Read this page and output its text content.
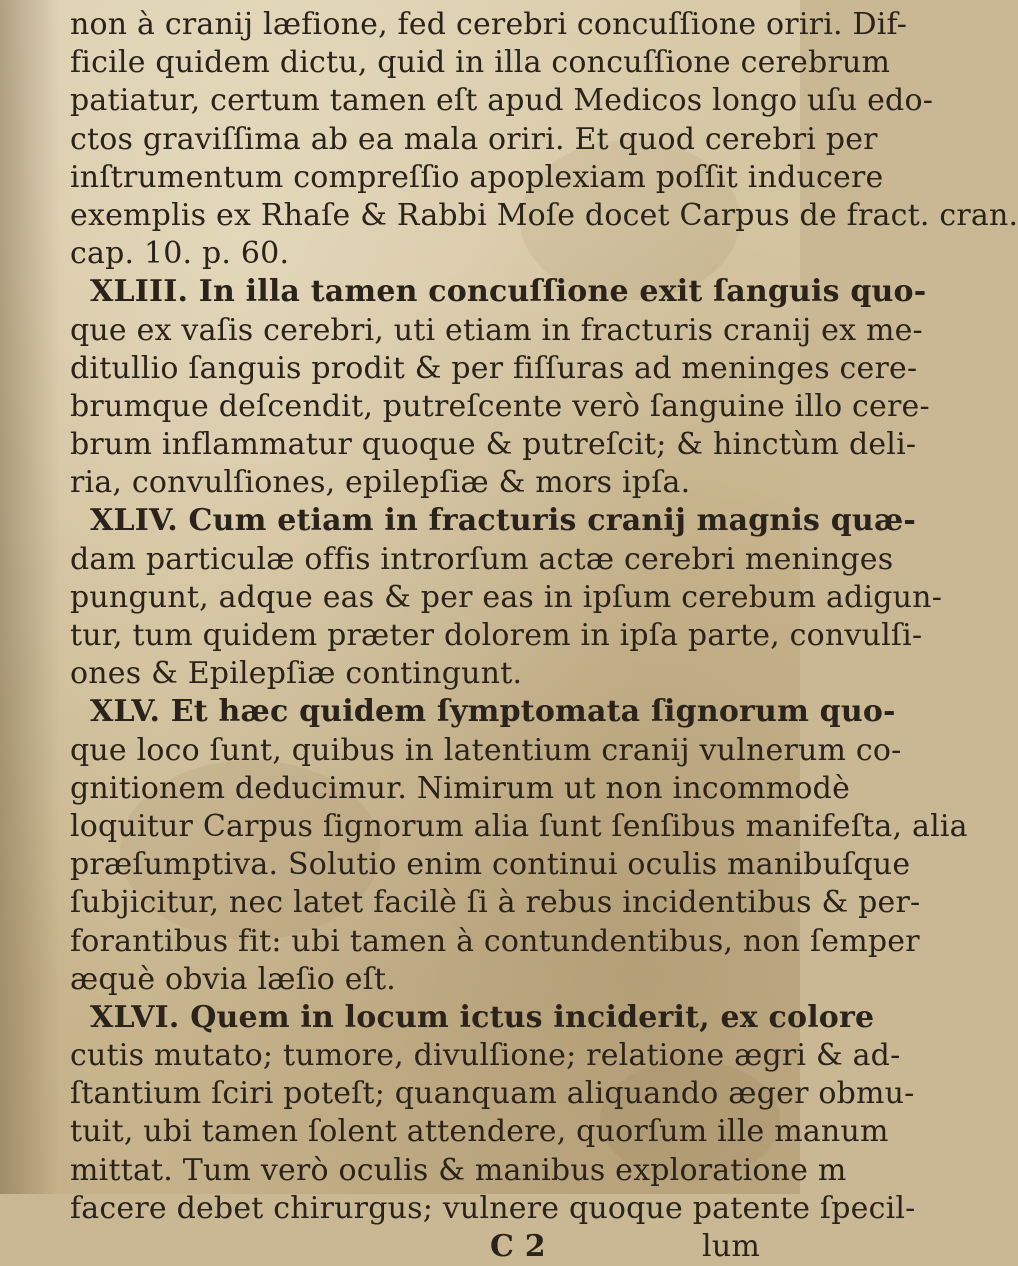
non à cranij læfione, fed cerebri concuſſione oriri. Dif-
ficile quidem dictu, quid in illa concuſſione cerebrum
patiatur, certum tamen eſt apud Medicos longo uſu edo-
ctos graviſſima ab ea mala oriri. Et quod cerebri per
inſtrumentum compreſſio apoplexiam poſſit inducere
exemplis ex Rhaſe & Rabbi Moſe docet Carpus de fract. cran.
cap. 10. p. 60.
XLIII. In illa tamen concuſſione exit ſanguis quo-
que ex vaſis cerebri, uti etiam in fracturis cranij ex me-
ditullio ſanguis prodit & per fiſſuras ad meninges cere-
brumque deſcendit, putreſcente verò ſanguine illo cere-
brum inflammatur quoque & putreſcit; & hinctùm deli-
ria, convulſiones, epilepſiæ & mors ipſa.
XLIV. Cum etiam in fracturis cranij magnis quæ-
dam particulæ offis introrſum actæ cerebri meninges
pungunt, adque eas & per eas in ipſum cerebum adigun-
tur, tum quidem præter dolorem in ipſa parte, convulſi-
ones & Epilepſiæ contingunt.
XLV. Et hæc quidem ſymptomata ſignorum quo-
que loco ſunt, quibus in latentium cranij vulnerum co-
gnitionem deducimur. Nimirum ut non incommodè
loquitur Carpus ſignorum alia ſunt ſenſibus manifeſta, alia
præſumptiva. Solutio enim continui oculis manibuſque
ſubjicitur, nec latet facilè ſi à rebus incidentibus & per-
forantibus fit: ubi tamen à contundentibus, non ſemper
æquè obvia læſio eſt.
XLVI. Quem in locum ictus inciderit, ex colore
cutis mutato; tumore, divulſione; relatione ægri & ad-
ſtantium ſciri poteſt; quanquam aliquando æger obmu-
tuit, ubi tamen ſolent attendere, quorſum ille manum
mittat. Tum verò oculis & manibus exploratione m
facere debet chirurgus; vulnere quoque patente ſpecil-
C 2	lum
